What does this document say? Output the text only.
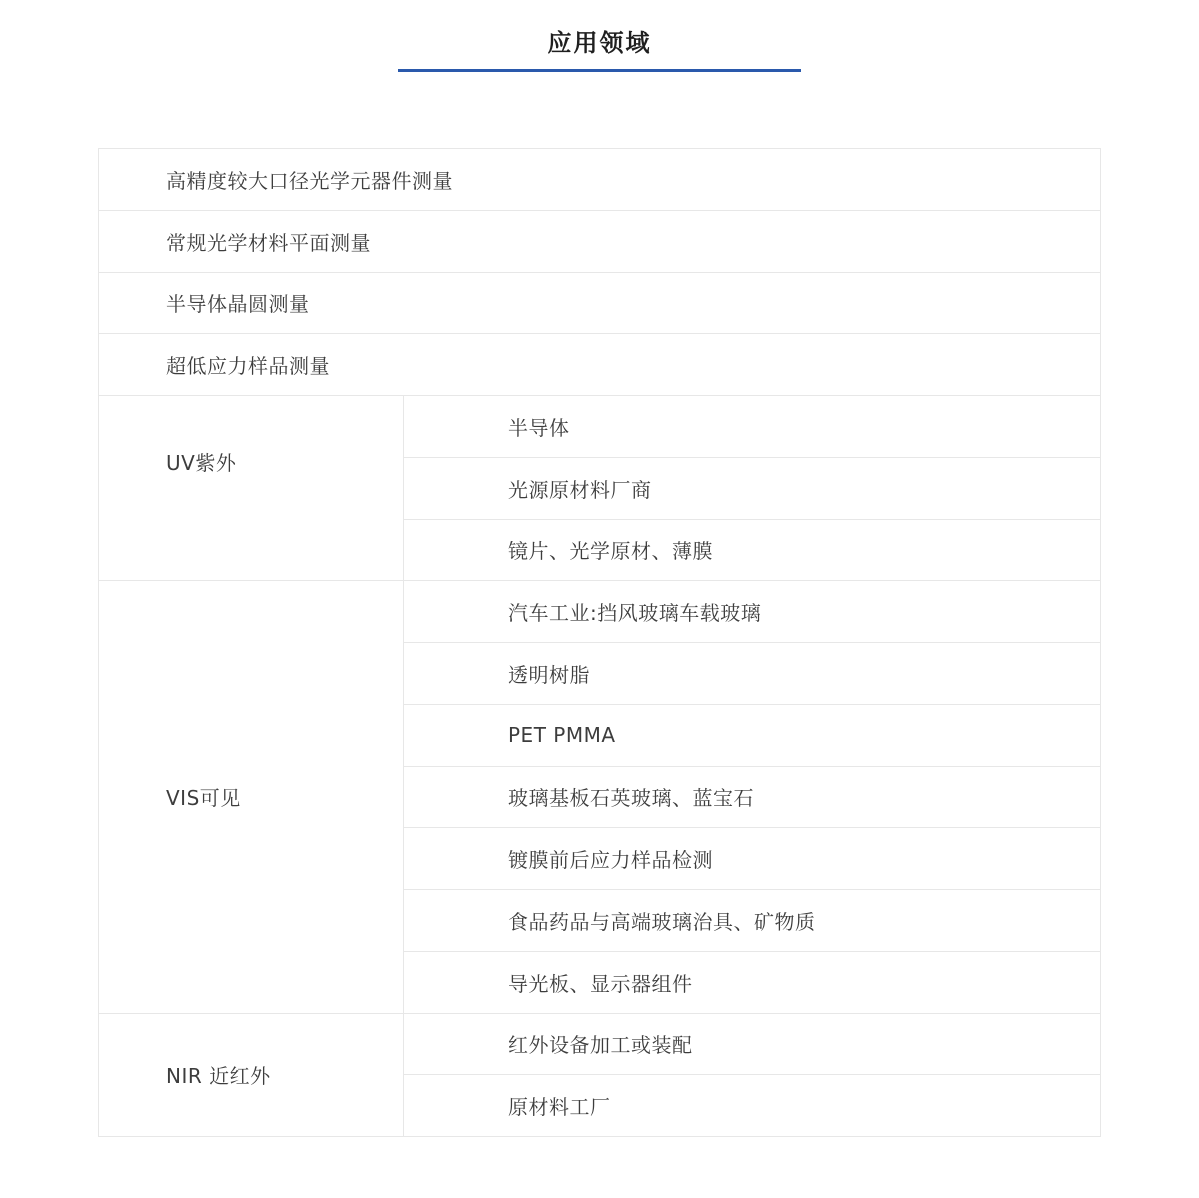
应用领域
高精度较大口径光学元器件测量	
常规光学材料平面测量	
半导体晶圆测量	
超低应力样品测量	
UV紫外	半导体
	光源原材料厂商
	镜片、光学原材、薄膜
VIS可见	汽车工业:挡风玻璃车载玻璃
	透明树脂
	PET PMMA
	玻璃基板石英玻璃、蓝宝石
	镀膜前后应力样品检测
	食品药品与高端玻璃治具、矿物质
	导光板、显示器组件
NIR 近红外	红外设备加工或装配
	原材料工厂
